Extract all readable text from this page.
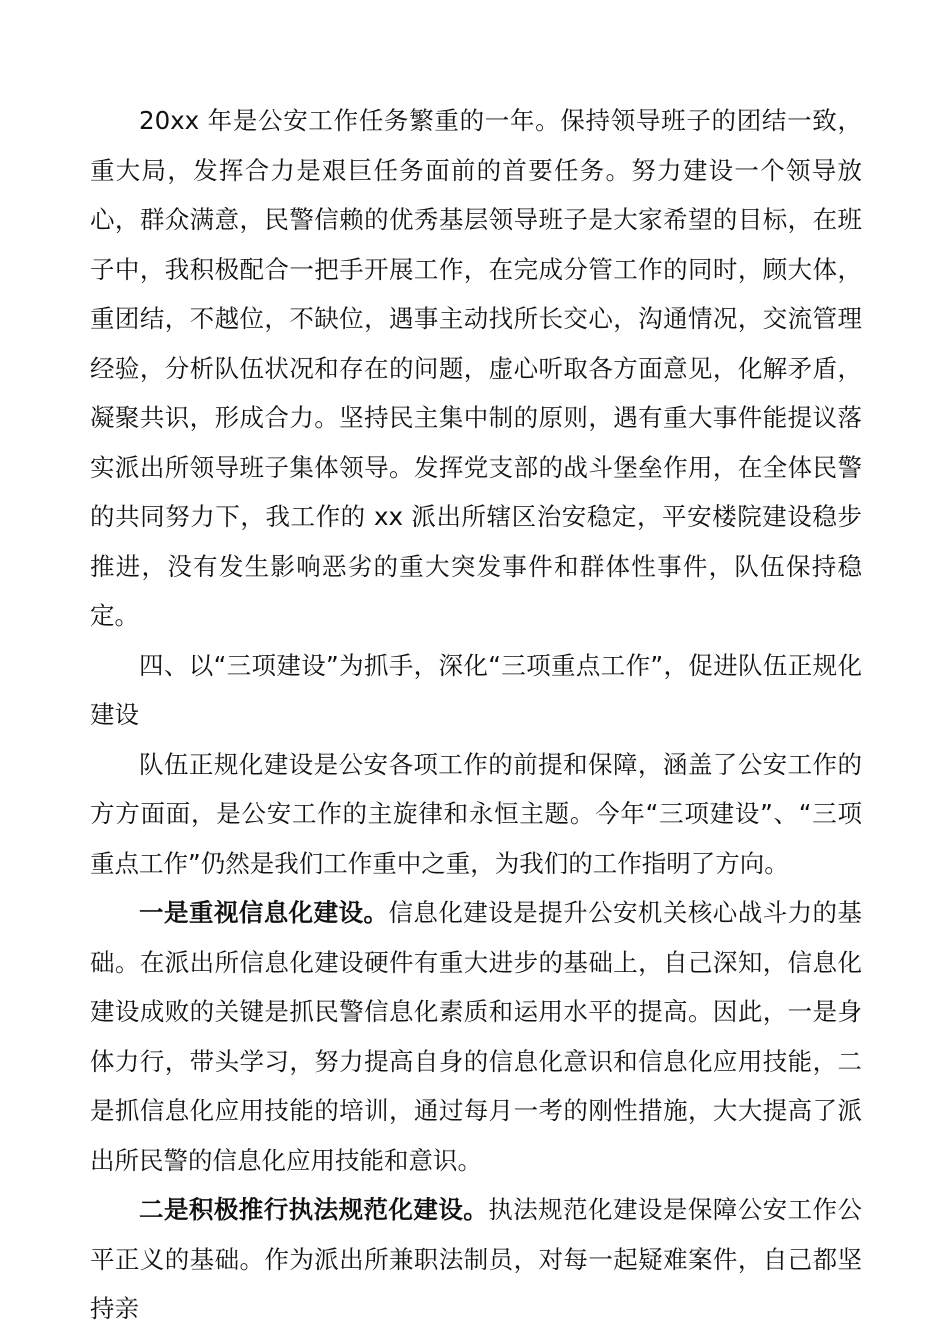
20xx 年是公安工作任务繁重的一年。保持领导班子的团结一致，重大局，发挥合力是艰巨任务面前的首要任务。努力建设一个领导放心，群众满意，民警信赖的优秀基层领导班子是大家希望的目标，在班子中，我积极配合一把手开展工作，在完成分管工作的同时，顾大体，重团结，不越位，不缺位，遇事主动找所长交心，沟通情况，交流管理经验，分析队伍状况和存在的问题，虚心听取各方面意见，化解矛盾，凝聚共识，形成合力。坚持民主集中制的原则，遇有重大事件能提议落实派出所领导班子集体领导。发挥党支部的战斗堡垒作用，在全体民警的共同努力下，我工作的 xx 派出所辖区治安稳定，平安楼院建设稳步推进，没有发生影响恶劣的重大突发事件和群体性事件，队伍保持稳定。

四、以“三项建设”为抓手，深化“三项重点工作”，促进队伍正规化建设

队伍正规化建设是公安各项工作的前提和保障，涵盖了公安工作的方方面面，是公安工作的主旋律和永恒主题。今年“三项建设”、“三项重点工作”仍然是我们工作重中之重，为我们的工作指明了方向。

一是重视信息化建设。信息化建设是提升公安机关核心战斗力的基础。在派出所信息化建设硬件有重大进步的基础上，自己深知，信息化建设成败的关键是抓民警信息化素质和运用水平的提高。因此，一是身体力行，带头学习，努力提高自身的信息化意识和信息化应用技能，二是抓信息化应用技能的培训，通过每月一考的刚性措施，大大提高了派出所民警的信息化应用技能和意识。

二是积极推行执法规范化建设。执法规范化建设是保障公安工作公平正义的基础。作为派出所兼职法制员，对每一起疑难案件，自己都坚持亲
